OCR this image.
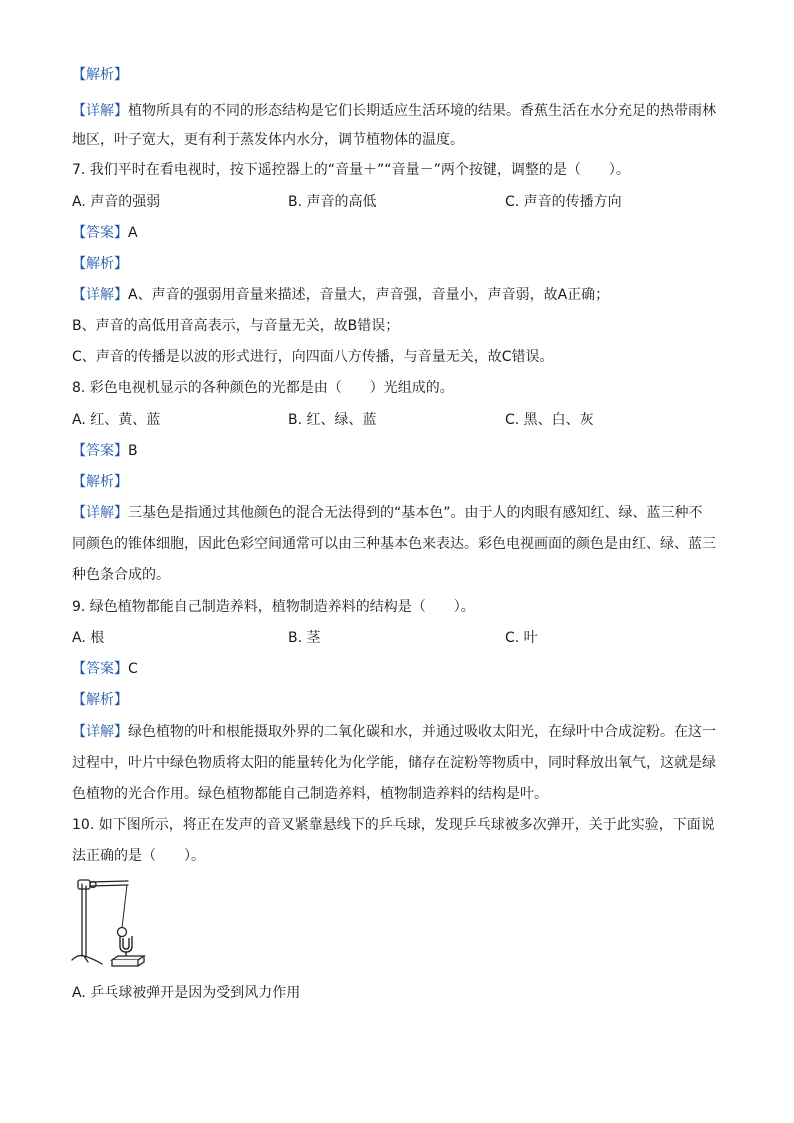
【解析】
【详解】植物所具有的不同的形态结构是它们长期适应生活环境的结果。香蕉生活在水分充足的热带雨林
地区，叶子宽大，更有利于蒸发体内水分，调节植物体的温度。
7. 我们平时在看电视时，按下遥控器上的“音量＋”“音量－”两个按键，调整的是（　　）。
A. 声音的强弱	B. 声音的高低	C. 声音的传播方向
【答案】A
【解析】
【详解】A、声音的强弱用音量来描述，音量大，声音强，音量小，声音弱，故A正确；
B、声音的高低用音高表示，与音量无关，故B错误；
C、声音的传播是以波的形式进行，向四面八方传播，与音量无关，故C错误。
8. 彩色电视机显示的各种颜色的光都是由（　　）光组成的。
A. 红、黄、蓝	B. 红、绿、蓝	C. 黑、白、灰
【答案】B
【解析】
【详解】三基色是指通过其他颜色的混合无法得到的“基本色”。由于人的肉眼有感知红、绿、蓝三种不
同颜色的锥体细胞，因此色彩空间通常可以由三种基本色来表达。彩色电视画面的颜色是由红、绿、蓝三
种色条合成的。
9. 绿色植物都能自己制造养料，植物制造养料的结构是（　　）。
A. 根	B. 茎	C. 叶
【答案】C
【解析】
【详解】绿色植物的叶和根能摄取外界的二氧化碳和水，并通过吸收太阳光，在绿叶中合成淀粉。在这一
过程中，叶片中绿色物质将太阳的能量转化为化学能，储存在淀粉等物质中，同时释放出氧气，这就是绿
色植物的光合作用。绿色植物都能自己制造养料，植物制造养料的结构是叶。
10. 如下图所示，将正在发声的音叉紧靠悬线下的乒乓球，发现乒乓球被多次弹开，关于此实验，下面说
法正确的是（　　）。
A. 乒乓球被弹开是因为受到风力作用
